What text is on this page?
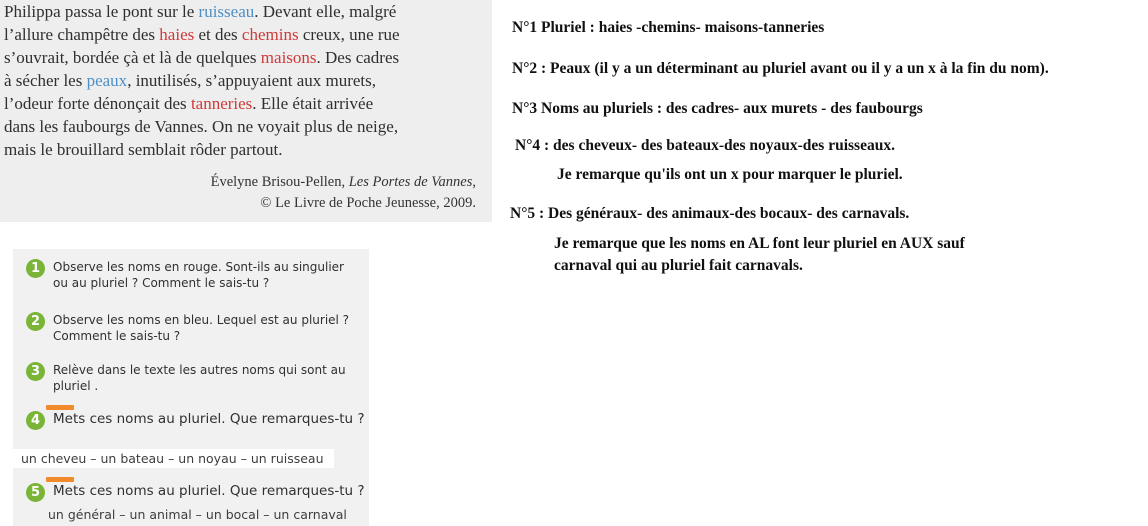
Philippa passa le pont sur le ruisseau. Devant elle, malgré
l’allure champêtre des haies et des chemins creux, une rue
s’ouvrait, bordée çà et là de quelques maisons. Des cadres
à sécher les peaux, inutilisés, s’appuyaient aux murets,
l’odeur forte dénonçait des tanneries. Elle était arrivée
dans les faubourgs de Vannes. On ne voyait plus de neige,
mais le brouillard semblait rôder partout.
Évelyne Brisou-Pellen, Les Portes de Vannes,
© Le Livre de Poche Jeunesse, 2009.
1	Observe les noms en rouge. Sont-ils au singulier ou au pluriel ? Comment le sais-tu ?
2	Observe les noms en bleu. Lequel est au pluriel ? Comment le sais-tu ?
3	Relève dans le texte les autres noms qui sont au pluriel .
4 Mets ces noms au pluriel. Que remarques-tu ?
un cheveu – un bateau – un noyau – un ruisseau
5 Mets ces noms au pluriel. Que remarques-tu ?
un général – un animal – un bocal – un carnaval
N°1 Pluriel : haies -chemins- maisons-tanneries
N°2 : Peaux (il y a un déterminant au pluriel avant ou il y a un x à la fin du nom).
N°3 Noms au pluriels : des cadres- aux murets - des faubourgs
N°4 : des cheveux- des bateaux-des noyaux-des ruisseaux.
Je remarque qu'ils ont un x pour marquer le pluriel.
N°5 : Des généraux- des animaux-des bocaux- des carnavals.
Je remarque que les noms en AL font leur pluriel en AUX sauf
carnaval qui au pluriel fait carnavals.
